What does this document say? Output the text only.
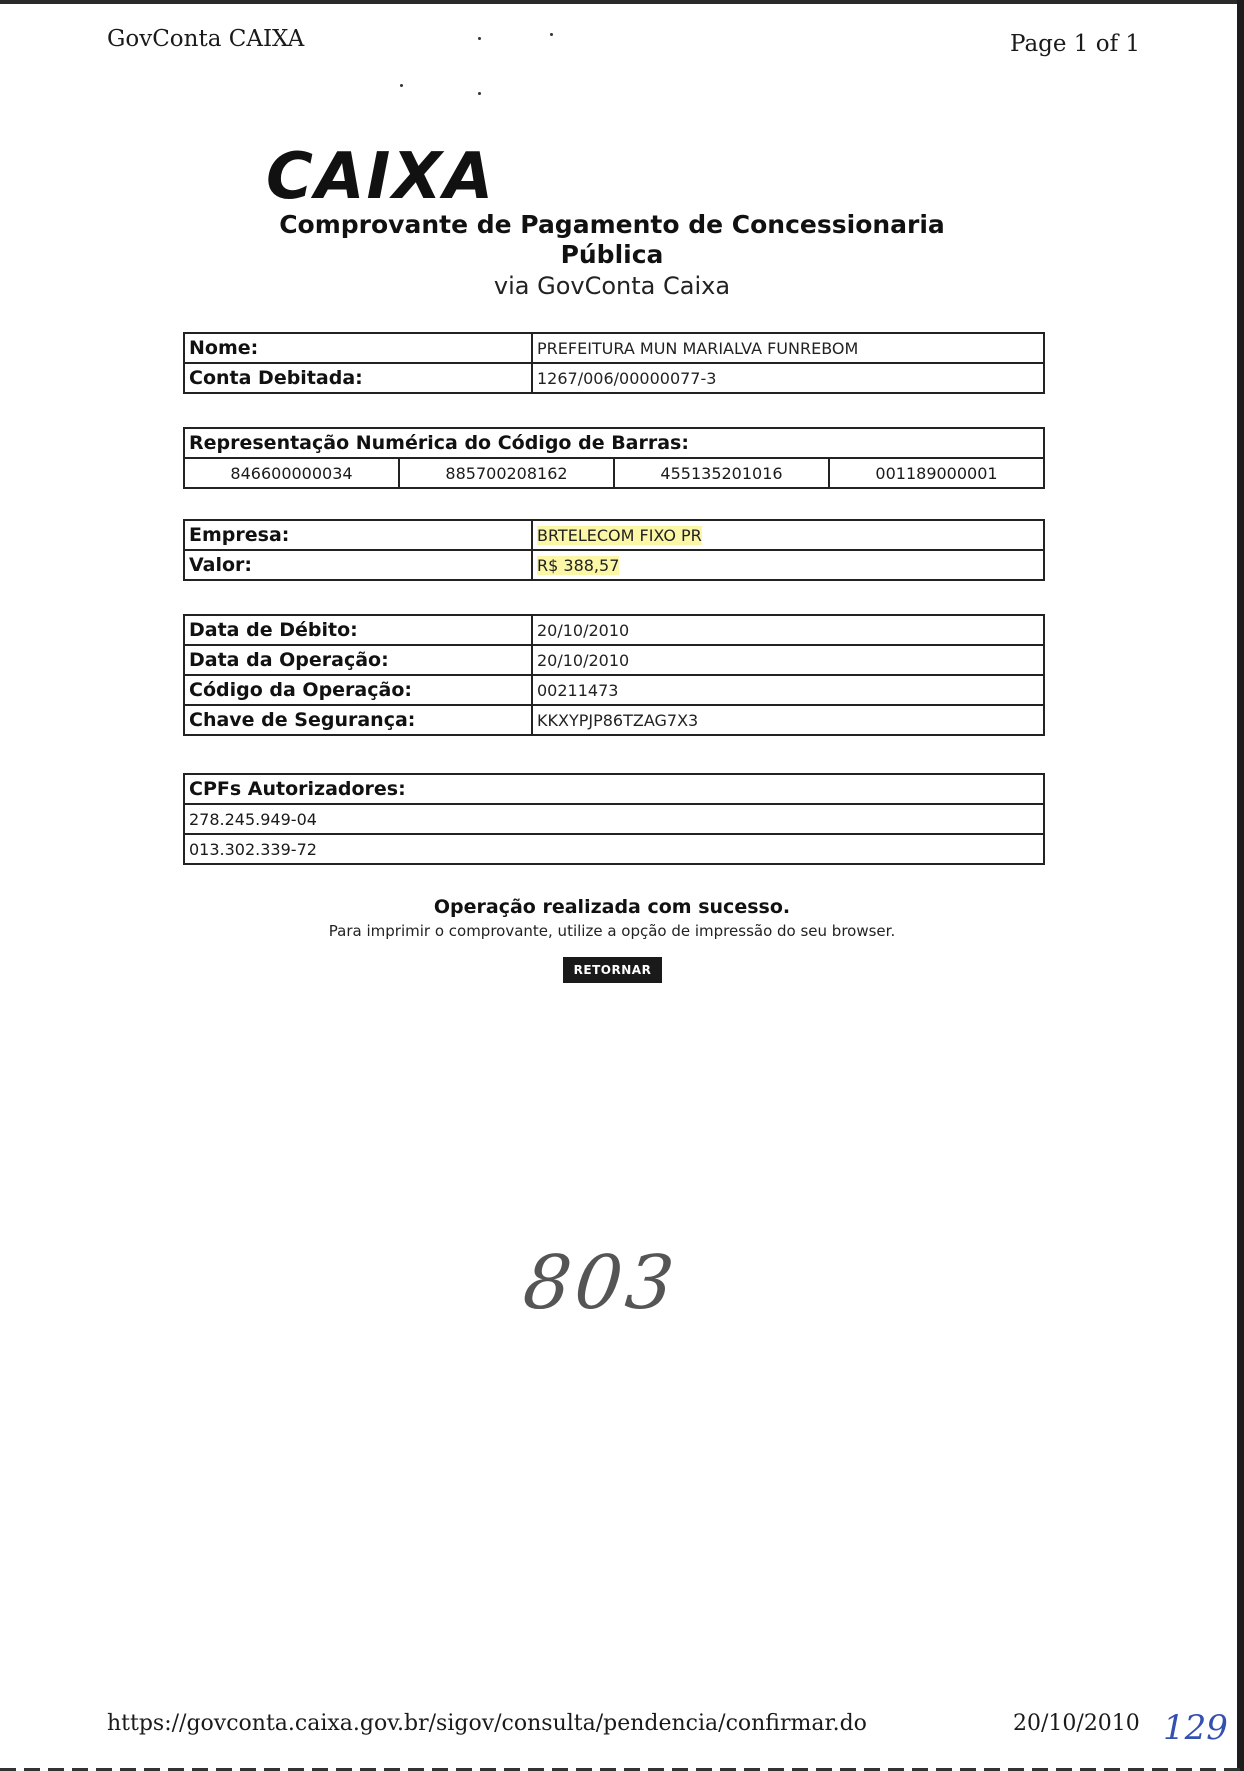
GovConta CAIXA	Page 1 of 1
CAIXA
Comprovante de Pagamento de Concessionaria
Pública
via GovConta Caixa
Nome:	PREFEITURA MUN MARIALVA FUNREBOM
Conta Debitada:	1267/006/00000077-3
Representação Numérica do Código de Barras:
846600000034	885700208162	455135201016	001189000001
Empresa:	BRTELECOM FIXO PR
Valor:	R$ 388,57
Data de Débito:	20/10/2010
Data da Operação:	20/10/2010
Código da Operação:	00211473
Chave de Segurança:	KKXYPJP86TZAG7X3
CPFs Autorizadores:
278.245.949-04
013.302.339-72
Operação realizada com sucesso.
Para imprimir o comprovante, utilize a opção de impressão do seu browser.
RETORNAR
803
https://govconta.caixa.gov.br/sigov/consulta/pendencia/confirmar.do	20/10/2010 129
